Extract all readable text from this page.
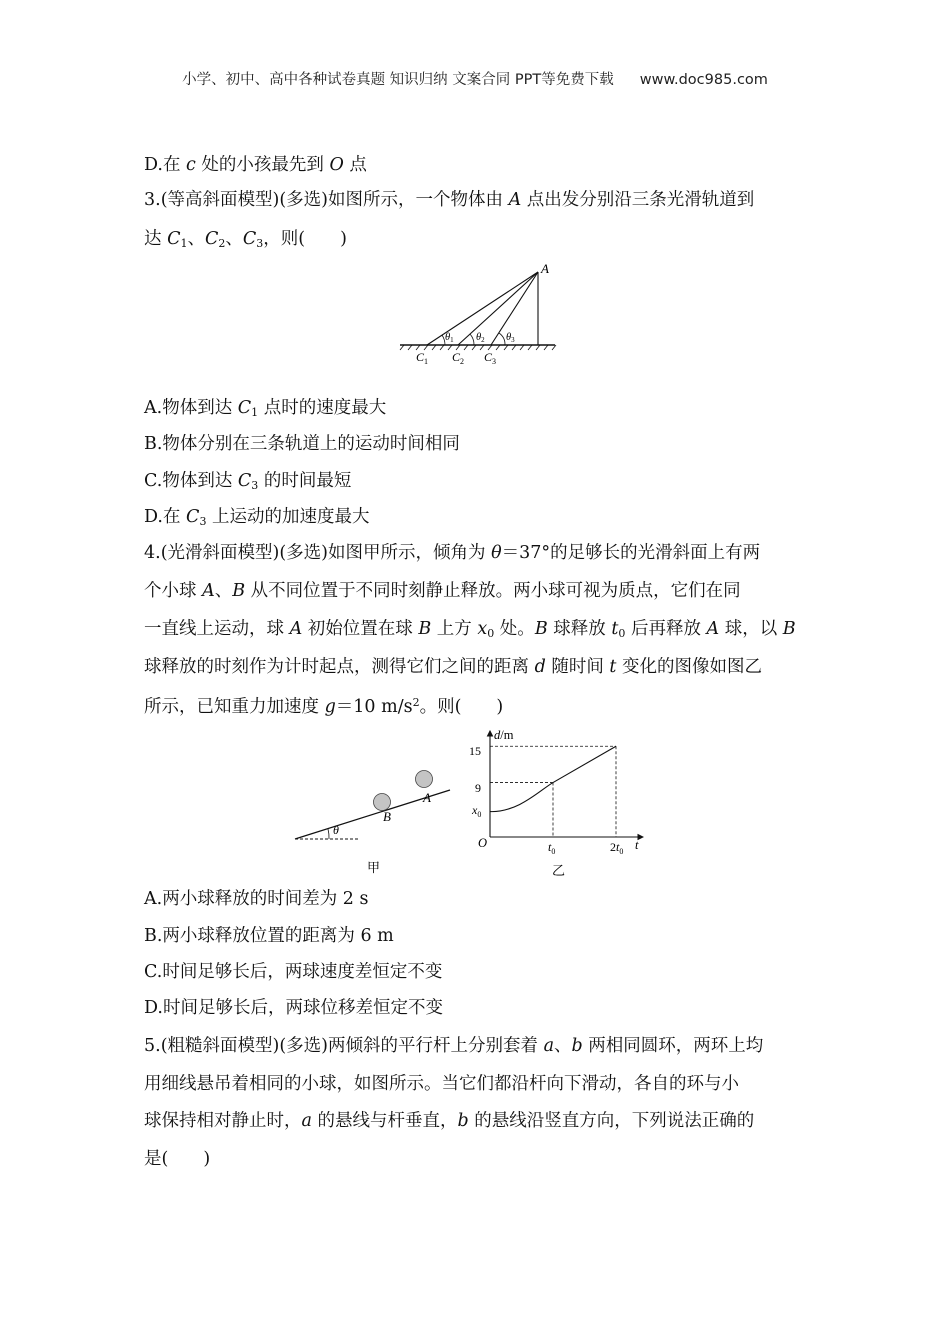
小学、初中、高中各种试卷真题 知识归纳 文案合同 PPT等免费下载 www.doc985.com
D.在 c 处的小孩最先到 O 点
3.(等高斜面模型)(多选)如图所示，一个物体由 A 点出发分别沿三条光滑轨道到
达 $C_1$、$C_2$、$C_3$，则(　　)
A
θ1 θ2 θ3
$C_1$ $C_2$ $C_3$
A.物体到达 $C_1$ 点时的速度最大
B.物体分别在三条轨道上的运动时间相同
C.物体到达 $C_3$ 的时间最短
D.在 $C_3$ 上运动的加速度最大
4.(光滑斜面模型)(多选)如图甲所示，倾角为 θ＝37°的足够长的光滑斜面上有两
个小球 A、B 从不同位置于不同时刻静止释放。两小球可视为质点，它们在同
一直线上运动，球 A 初始位置在球 B 上方 $x_0$ 处。B 球释放 $t_0$ 后再释放 A 球，以 B
球释放的时刻作为计时起点，测得它们之间的距离 d 随时间 t 变化的图像如图乙
所示，已知重力加速度 g＝10 $m/s^2$。则(　　)
θ
B
A
甲
d/m
t
O
15
9
$x_0$
$t_0$	$2t_0$
乙
A.两小球释放的时间差为 2 s
B.两小球释放位置的距离为 6 m
C.时间足够长后，两球速度差恒定不变
D.时间足够长后，两球位移差恒定不变
5.(粗糙斜面模型)(多选)两倾斜的平行杆上分别套着 a、b 两相同圆环，两环上均
用细线悬吊着相同的小球，如图所示。当它们都沿杆向下滑动，各自的环与小
球保持相对静止时，a 的悬线与杆垂直，b 的悬线沿竖直方向，下列说法正确的
是(　　)
